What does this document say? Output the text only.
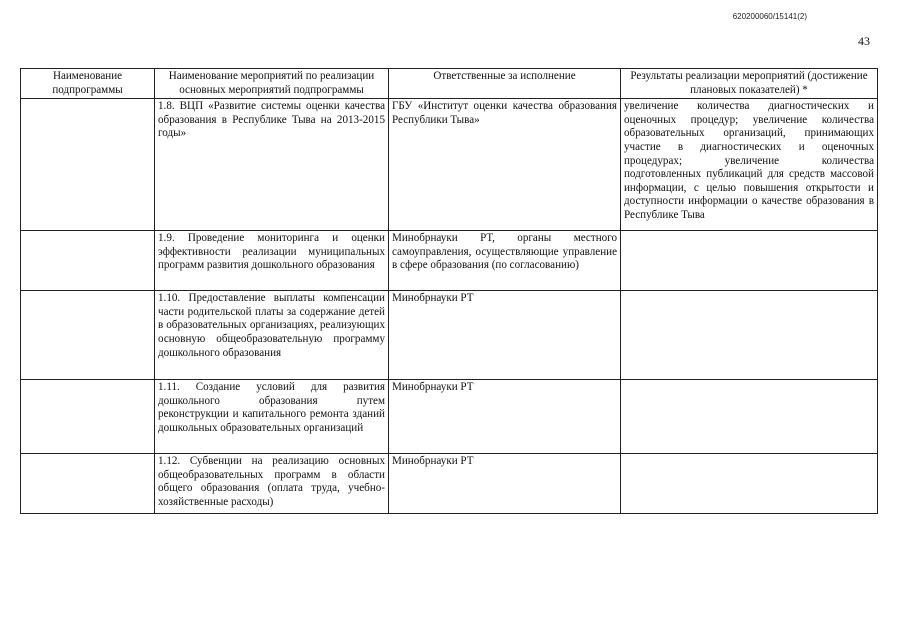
620200060/15141(2)
43
Наименование подпрограммы	Наименование мероприятий по реализации основных мероприятий подпрограммы	Ответственные за исполнение	Результаты реализации мероприятий (достижение плановых показателей) *
	1.8. ВЦП «Развитие системы оценки качества образования в Республике Тыва на 2013-2015 годы»	ГБУ «Институт оценки качества образования Республики Тыва»	увеличение количества диагностических и оценочных процедур; увеличение количества образовательных организаций, принимающих участие в диагностических и оценочных процедурах; увеличение количества подготовленных публикаций для средств массовой информации, с целью повышения открытости и доступности информации о качестве образования в Республике Тыва
	1.9. Проведение мониторинга и оценки эффективности реализации муниципальных программ развития дошкольного образования	Минобрнауки РТ, органы местного самоуправления, осуществляющие управление в сфере образования (по согласованию)	
	1.10. Предоставление выплаты компенсации части родительской платы за содержание детей в образовательных организациях, реализующих основную общеобразовательную программу дошкольного образования	Минобрнауки РТ	
	1.11. Создание условий для развития дошкольного образования путем реконструкции и капитального ремонта зданий дошкольных образовательных организаций	Минобрнауки РТ	
	1.12. Субвенции на реализацию основных общеобразовательных программ в области общего образования (оплата труда, учебно-хозяйственные расходы)	Минобрнауки РТ	
